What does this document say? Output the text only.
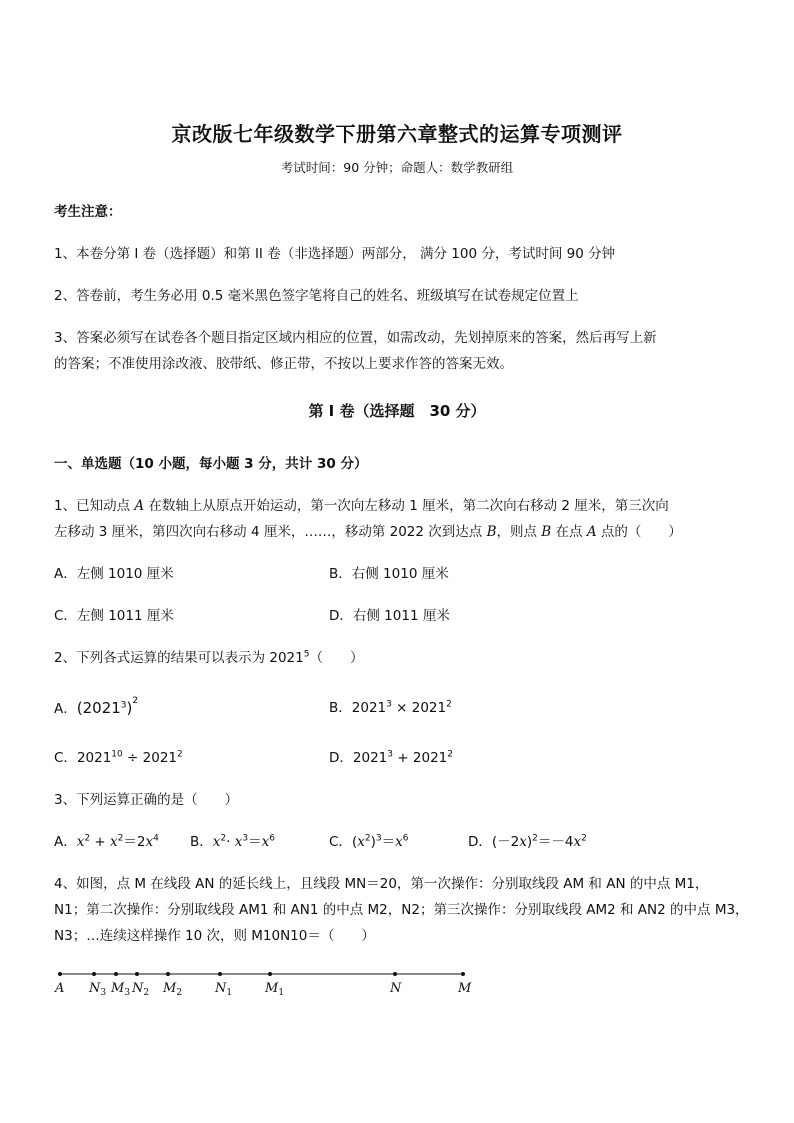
京改版七年级数学下册第六章整式的运算专项测评
考试时间：90 分钟；命题人：数学教研组
考生注意：
1、本卷分第 I 卷（选择题）和第 II 卷（非选择题）两部分， 满分 100 分，考试时间 90 分钟
2、答卷前，考生务必用 0.5 毫米黑色签字笔将自己的姓名、班级填写在试卷规定位置上
3、答案必须写在试卷各个题目指定区域内相应的位置，如需改动，先划掉原来的答案，然后再写上新
的答案；不准使用涂改液、胶带纸、修正带，不按以上要求作答的答案无效。
第 I 卷（选择题　30 分）
一、单选题（10 小题，每小题 3 分，共计 30 分）
1、已知动点 A 在数轴上从原点开始运动，第一次向左移动 1 厘米，第二次向右移动 2 厘米，第三次向
左移动 3 厘米，第四次向右移动 4 厘米，……，移动第 2022 次到达点 B，则点 B 在点 A 点的（　　）
A．左侧 1010 厘米	B．右侧 1010 厘米
C．左侧 1011 厘米	D．右侧 1011 厘米
2、下列各式运算的结果可以表示为 2021$^5$（　　）
A．$(2021^3)^2$	B．$2021^3 \times 2021^2$
C．$2021^{10} \div 2021^2$	D．$2021^3 + 2021^2$
3、下列运算正确的是（　　）
A．$x^2 + x^2=2x^4$ B．$x^2\cdot x^3=x^6$	C．$(x^2)^3=x^6$	D．$(-2x)^2=-4x^2$
4、如图，点 M 在线段 AN 的延长线上，且线段 MN＝20，第一次操作：分别取线段 AM 和 AN 的中点 M1，
N1；第二次操作：分别取线段 AM1 和 AN1 的中点 M2，N2；第三次操作：分别取线段 AM2 和 AN2 的中点 M3，
N3；…连续这样操作 10 次，则 M10N10＝（　　）
A $N_3$ $M_3$ $N_2$ $M_2$	$N_1$	$M_1$	N	M
